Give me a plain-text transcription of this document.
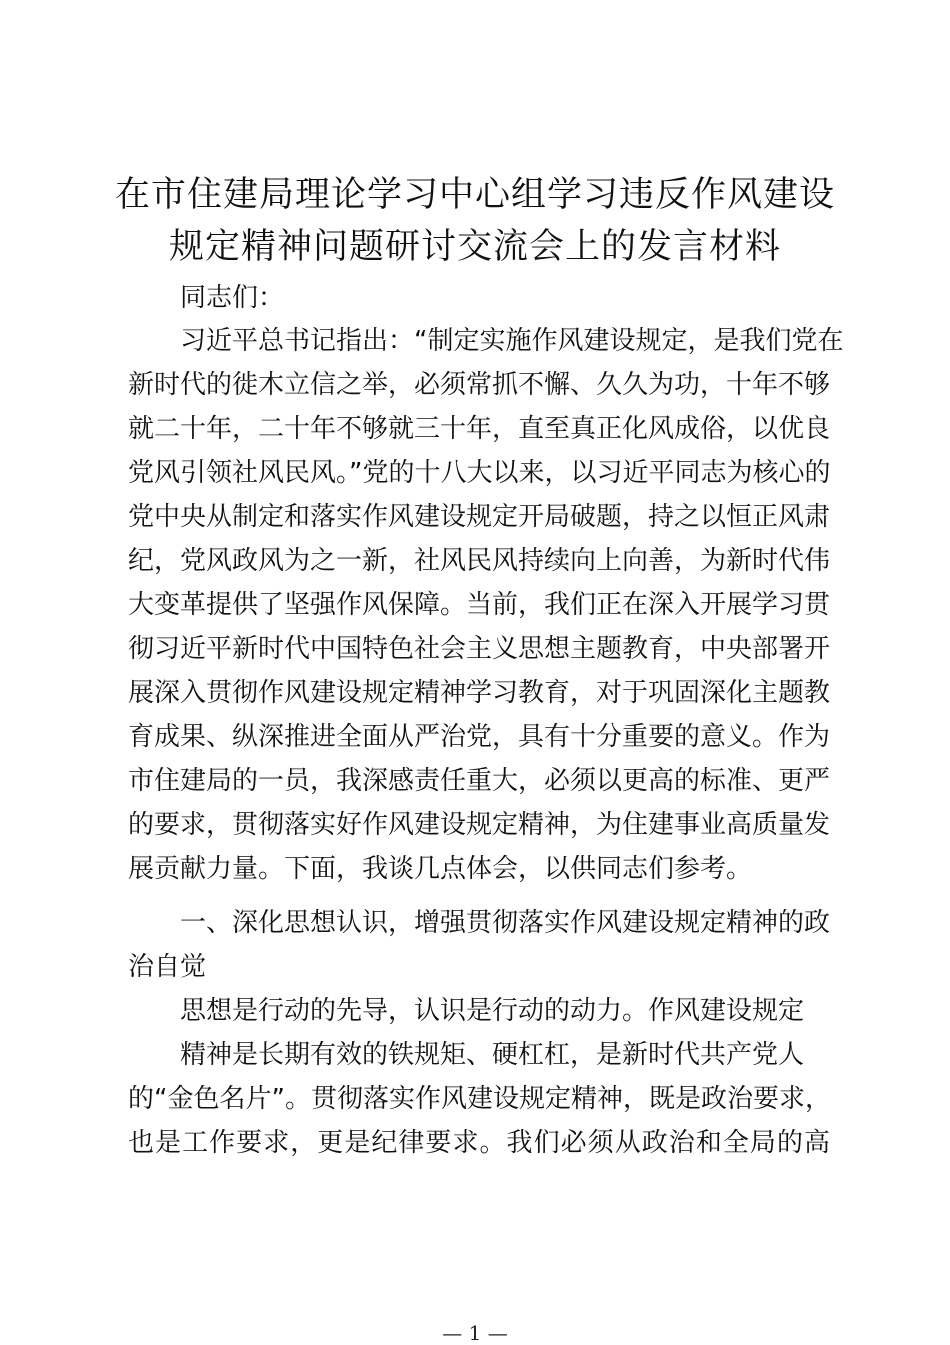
在市住建局理论学习中心组学习违反作风建设
规定精神问题研讨交流会上的发言材料
同志们：
习近平总书记指出：“制定实施作风建设规定，是我们党在
新时代的徙木立信之举，必须常抓不懈、久久为功，十年不够
就二十年，二十年不够就三十年，直至真正化风成俗，以优良
党风引领社风民风。”党的十八大以来，以习近平同志为核心的
党中央从制定和落实作风建设规定开局破题，持之以恒正风肃
纪，党风政风为之一新，社风民风持续向上向善，为新时代伟
大变革提供了坚强作风保障。当前，我们正在深入开展学习贯
彻习近平新时代中国特色社会主义思想主题教育，中央部署开
展深入贯彻作风建设规定精神学习教育，对于巩固深化主题教
育成果、纵深推进全面从严治党，具有十分重要的意义。作为
市住建局的一员，我深感责任重大，必须以更高的标准、更严
的要求，贯彻落实好作风建设规定精神，为住建事业高质量发
展贡献力量。下面，我谈几点体会，以供同志们参考。
一、深化思想认识，增强贯彻落实作风建设规定精神的政
治自觉
思想是行动的先导，认识是行动的动力。作风建设规定
精神是长期有效的铁规矩、硬杠杠，是新时代共产党人
的“金色名片”。贯彻落实作风建设规定精神，既是政治要求，
也是工作要求，更是纪律要求。我们必须从政治和全局的高
— 1 —
